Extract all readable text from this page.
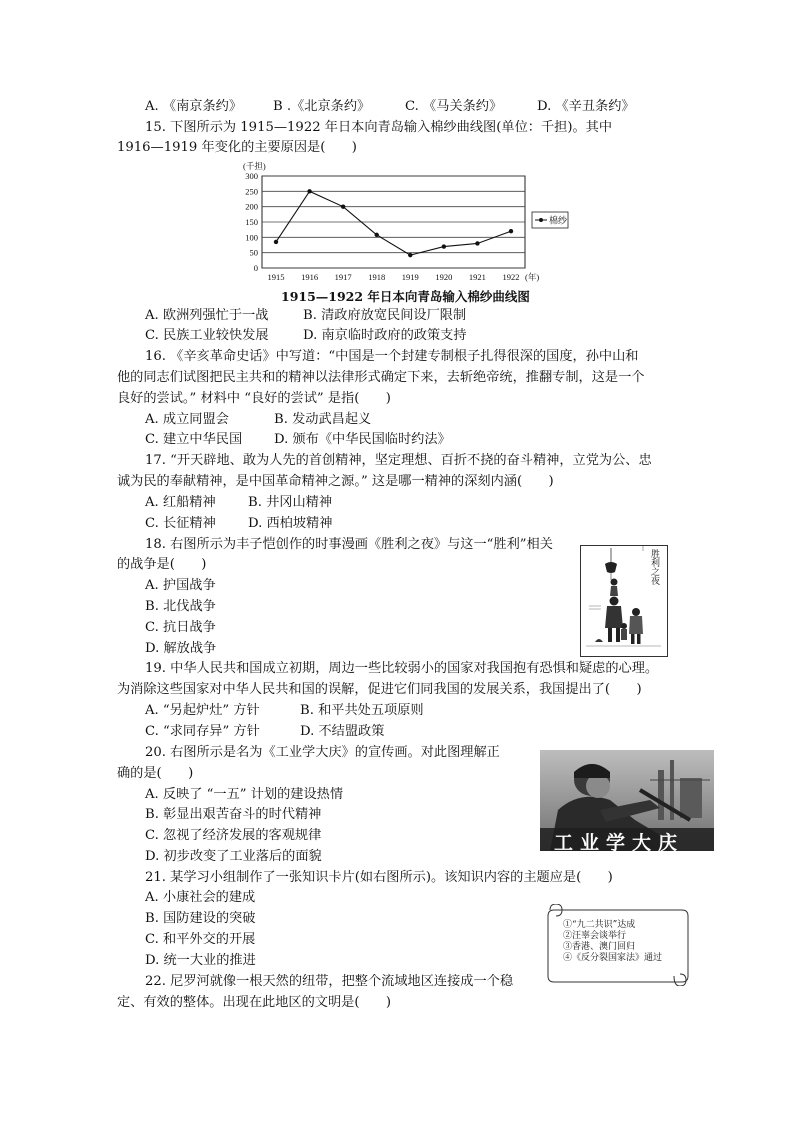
A. 《南京条约》 B .《北京条约》	C. 《马关条约》	D. 《辛丑条约》
15. 下图所示为 1915—1922 年日本向青岛输入棉纱曲线图(单位：千担)。其中
1916—1919 年变化的主要原因是(　　)
0
50
100
150
200
250
300
(千担)
1915 1916 1917 1918 1919 1920 1921 1922 (年)
棉纱
1915—1922 年日本向青岛输入棉纱曲线图
A. 欧洲列强忙于一战	B. 清政府放宽民间设厂限制
C. 民族工业较快发展	D. 南京临时政府的政策支持
16. 《辛亥革命史话》中写道：“中国是一个封建专制根子扎得很深的国度，孙中山和
他的同志们试图把民主共和的精神以法律形式确定下来，去斩绝帝统，推翻专制，这是一个
良好的尝试。” 材料中 “良好的尝试” 是指(　　)
A. 成立同盟会	B. 发动武昌起义
C. 建立中华民国 D. 颁布《中华民国临时约法》
17. “开天辟地、敢为人先的首创精神，坚定理想、百折不挠的奋斗精神，立党为公、忠
诚为民的奉献精神，是中国革命精神之源。” 这是哪一精神的深刻内涵(　　)
A. 红船精神 B. 井冈山精神
C. 长征精神 D. 西柏坡精神
18. 右图所示为丰子恺创作的时事漫画《胜利之夜》与这一“胜利”相关
的战争是(　　)
A. 护国战争
B. 北伐战争
C. 抗日战争
D. 解放战争
胜利之夜
19. 中华人民共和国成立初期，周边一些比较弱小的国家对我国抱有恐惧和疑虑的心理。
为消除这些国家对中华人民共和国的误解，促进它们同我国的发展关系，我国提出了(　　)
A. “另起炉灶” 方针	B. 和平共处五项原则
C. “求同存异” 方针	D. 不结盟政策
20. 右图所示是名为《工业学大庆》的宣传画。对此图理解正
确的是(　　)
A. 反映了 “一五” 计划的建设热情
B. 彰显出艰苦奋斗的时代精神
C. 忽视了经济发展的客观规律
D. 初步改变了工业落后的面貌
工业学大庆
21. 某学习小组制作了一张知识卡片(如右图所示)。该知识内容的主题应是(　　)
A. 小康社会的建成
B. 国防建设的突破
C. 和平外交的开展
D. 统一大业的推进
①“九二共识”达成
②汪辜会谈举行
③香港、澳门回归
④《反分裂国家法》通过
22. 尼罗河就像一根天然的纽带，把整个流域地区连接成一个稳
定、有效的整体。出现在此地区的文明是(　　)
